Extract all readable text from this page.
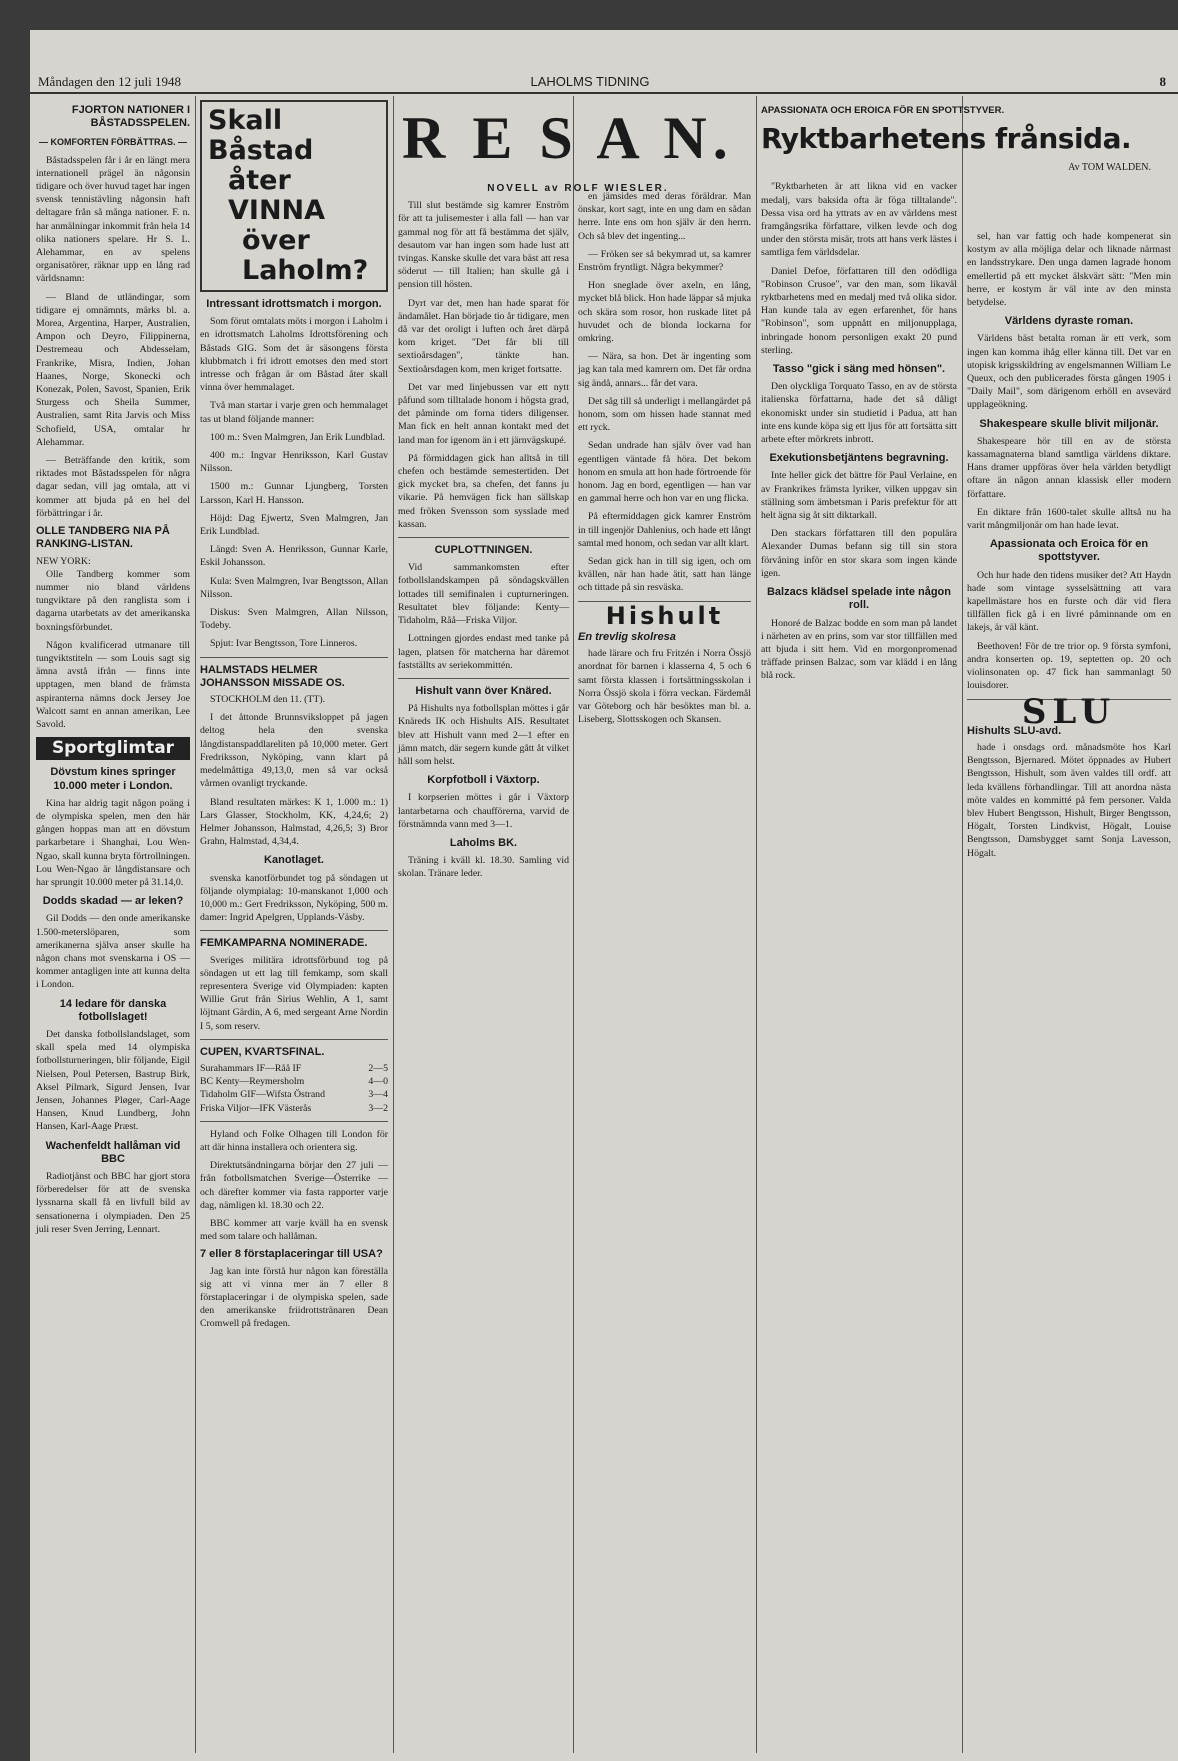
Måndagen den 12 juli 1948	LAHOLMS TIDNING	8
FJORTON NATIONER I BÅSTADSSPELEN.
— KOMFORTEN FÖRBÄTTRAS. —

Båstadsspelen får i år en längt mera internationell prägel än någonsin tidigare och över huvud taget har ingen svensk tennistävling någonsin haft deltagare från så många nationer. F. n. har anmälningar inkommit från hela 14 olika nationers spelare. Hr S. L. Alehammar, en av spelens organisatörer, räknar upp en lång rad världsnamn:

— Bland de utländingar, som tidigare ej omnämnts, märks bl. a. Morea, Argentina, Harper, Australien, Ampon och Deyro, Filippinerna, Destremeau och Abdesselam, Frankrike, Misra, Indien, Johan Haanes, Norge, Skonecki och Konezak, Polen, Savost, Spanien, Erik Sturgess och Sheila Summer, Australien, samt Rita Jarvis och Miss Schofield, USA, omtalar hr Alehammar.

— Beträffande den kritik, som riktades mot Båstadsspelen för några dagar sedan, vill jag omtala, att vi kommer att bjuda på en hel del förbättringar i år.

OLLE TANDBERG NIA PÅ RANKING-LISTAN.
NEW YORK:

Olle Tandberg kommer som nummer nio bland världens tungviktare på den ranglista som i dagarna utarbetats av det amerikanska boxningsförbundet.

Någon kvalificerad utmanare till tungviktstiteln — som Louis sagt sig ämna avstå ifrån — finns inte upptagen, men bland de främsta aspiranterna nämns dock Jersey Joe Walcott samt en annan amerikan, Lee Savold.

Sportglimtar
Dövstum kines springer 10.000 meter i London.

Kina har aldrig tagit någon poäng i de olympiska spelen, men den här gången hoppas man att en dövstum parkarbetare i Shanghai, Lou Wen-Ngao, skall kunna bryta förtrollningen. Lou Wen-Ngao är långdistansare och har sprungit 10.000 meter på 31.14,0.

Dodds skadad — ar leken?

Gil Dodds — den onde amerikanske 1.500-meterslöparen, som amerikanerna själva anser skulle ha någon chans mot svenskarna i OS — kommer antagligen inte att kunna delta i London.

14 ledare för danska fotbollslaget!

Det danska fotbollslandslaget, som skall spela med 14 olympiska fotbollsturneringen, blir följande, Eigil Nielsen, Poul Petersen, Bastrup Birk, Aksel Pilmark, Sigurd Jensen, Ivar Jensen, Johannes Pløger, Carl-Aage Hansen, Knud Lundberg, John Hansen, Karl-Aage Præst.

Wachenfeldt hallåman vid BBC

Radiotjänst och BBC har gjort stora förberedelser för att de svenska lyssnarna skall få en livfull bild av sensationerna i olympiaden. Den 25 juli reser Sven Jerring, Lennart.

Skall Båstad
åter VINNA
över Laholm?
Intressant idrottsmatch i morgon.

Som förut omtalats möts i morgon i Laholm i en idrottsmatch Laholms Idrottsförening och Båstads GIG. Som det är säsongens första klubbmatch i fri idrott emotses den med stort intresse och frågan är om Båstad åter skall vinna över hemmalaget.

Två man startar i varje gren och hemmalaget tas ut bland följande manner:

100 m.: Sven Malmgren, Jan Erik Lundblad.

400 m.: Ingvar Henriksson, Karl Gustav Nilsson.

1500 m.: Gunnar Ljungberg, Torsten Larsson, Karl H. Hansson.

Höjd: Dag Ejwertz, Sven Malmgren, Jan Erik Lundblad.

Längd: Sven A. Henriksson, Gunnar Karle, Eskil Johansson.

Kula: Sven Malmgren, Ivar Bengtsson, Allan Nilsson.

Diskus: Sven Malmgren, Allan Nilsson, Todeby.

Spjut: Ivar Bengtsson, Tore Linneros.

HALMSTADS HELMER JOHANSSON MISSADE OS.

STOCKHOLM den 11. (TT).

I det åttonde Brunnsviksloppet på jagen deltog hela den svenska långdistanspaddlareliten på 10,000 meter. Gert Fredriksson, Nyköping, vann klart på medelmåttiga 49,13,0, men så var också vårmen ovanligt tryckande.

Bland resultaten märkes: K 1, 1.000 m.: 1) Lars Glasser, Stockholm, KK, 4,24,6; 2) Helmer Johansson, Halmstad, 4,26,5; 3) Bror Grahn, Halmstad, 4,34,4.

Kanotlaget.

svenska kanotförbundet tog på söndagen ut följande olympialag: 10-manskanot 1,000 och 10,000 m.: Gert Fredriksson, Nyköping, 500 m. damer: Ingrid Apelgren, Upplands-Väsby.

FEMKAMPARNA NOMINERADE.

Sveriges militära idrottsförbund tog på söndagen ut ett lag till femkamp, som skall representera Sverige vid Olympiaden: kapten Willie Grut från Sirius Wehlin, A 1, samt löjtnant Gärdin, A 6, med sergeant Arne Nordin I 5, som reserv.

CUPEN, KVARTSFINAL.
Surahammars IF—Råå IF	2—5
BC Kenty—Reymersholm	4—0
Tidaholm GIF—Wifsta Östrand	3—4
Friska Viljor—IFK Västerås	3—2

Hyland och Folke Olhagen till London för att där hinna installera och orientera sig.

Direktutsändningarna börjar den 27 juli — från fotbollsmatchen Sverige—Österrike — och därefter kommer via fasta rapporter varje dag, nämligen kl. 18.30 och 22.

BBC kommer att varje kväll ha en svensk med som talare och hallåman.

7 eller 8 förstaplaceringar till USA?

Jag kan inte förstå hur någon kan föreställa sig att vi vinna mer än 7 eller 8 förstaplaceringar i de olympiska spelen, sade den amerikanske friidrottstränaren Dean Cromwell på fredagen.

R E S A N.
NOVELL av ROLF WIESLER.

Till slut bestämde sig kamrer Enström för att ta julisemester i alla fall — han var gammal nog för att få bestämma det själv, desautom var han ingen som hade lust att tvingas. Kanske skulle det vara bäst att resa söderut — till Italien; han skulle gå i pension till hösten.

Dyrt var det, men han hade sparat för ändamålet. Han började tio år tidigare, men då var det oroligt i luften och året därpå kom kriget. "Det får bli till sextioårsdagen", tänkte han. Sextioårsdagen kom, men kriget fortsatte.

Det var med linjebussen var ett nytt påfund som tilltalade honom i högsta grad, det påminde om forna tiders diligenser. Man fick en helt annan kontakt med det land man for igenom än i ett järnvägskupé.

På förmiddagen gick han alltså in till chefen och bestämde semestertiden. Det gick mycket bra, sa chefen, det fanns ju vikarie. På hemvägen fick han sällskap med fröken Svensson som sysslade med kassan.

CUPLOTTNINGEN.

Vid sammankomsten efter fotbollslandskampen på söndagskvällen lottades till semifinalen i cupturneringen. Resultatet blev följande: Kenty—Tidaholm, Råå—Friska Viljor.

Lottningen gjordes endast med tanke på lagen, platsen för matcherna har däremot fastställts av seriekommittén.

Hishult vann över Knäred.

På Hishults nya fotbollsplan möttes i går Knäreds IK och Hishults AIS. Resultatet blev att Hishult vann med 2—1 efter en jämn match, där segern kunde gått åt vilket håll som helst.

Korpfotboll i Växtorp.

I korpserien möttes i går i Växtorp lantarbetarna och chaufförerna, varvid de förstnämnda vann med 3—1.

Laholms BK.

Träning i kväll kl. 18.30. Samling vid skolan. Tränare leder.

en jämsides med deras föräldrar. Man önskar, kort sagt, inte en ung dam en sådan herre. Inte ens om hon själv är den herrn. Och så blev det ingenting...

— Fröken ser så bekymrad ut, sa kamrer Enström fryntligt. Några bekymmer?

Hon sneglade över axeln, en lång, mycket blå blick. Hon hade läppar så mjuka och skära som rosor, hon ruskade litet på huvudet och de blonda lockarna for omkring.

— Nära, sa hon. Det är ingenting som jag kan tala med kamrern om. Det får ordna sig ändå, annars... får det vara.

Det såg till så underligt i mellangärdet på honom, som om hissen hade stannat med ett ryck.

Sedan undrade han själv över vad han egentligen väntade få höra. Det bekom honom en smula att hon hade förtroende för honom. Jag en bord, egentligen — han var en gammal herre och hon var en ung flicka.

På eftermiddagen gick kamrer Enström in till ingenjör Dahlenius, och hade ett långt samtal med honom, och sedan var allt klart.

Sedan gick han in till sig igen, och om kvällen, när han hade ätit, satt han länge och tittade på sin resväska.

Hishult
En trevlig skolresa

hade lärare och fru Fritzén i Norra Össjö anordnat för barnen i klasserna 4, 5 och 6 samt första klassen i fortsättningsskolan i Norra Össjö skola i förra veckan. Färdemål var Göteborg och här besöktes man bl. a. Liseberg, Slottsskogen och Skansen.

APASSIONATA OCH EROICA FÖR EN SPOTTSTYVER.
Ryktbarhetens frånsida.
Av TOM WALDEN.

"Ryktbarheten är att likna vid en vacker medalj, vars baksida ofta är föga tilltalande". Dessa visa ord ha yttrats av en av världens mest framgångsrika författare, vilken levde och dog under den största misär, trots att hans verk lästes i samtliga fem världsdelar.

Daniel Defoe, författaren till den odödliga "Robinson Crusoe", var den man, som likaväl ryktbarhetens med en medalj med två olika sidor. Han kunde tala av egen erfarenhet, för hans "Robinson", som uppnått en miljonupplaga, inbringade honom personligen exakt 20 pund sterling.

Tasso "gick i säng med hönsen".

Den olyckliga Torquato Tasso, en av de största italienska författarna, hade det så dåligt ekonomiskt under sin studietid i Padua, att han inte ens kunde köpa sig ett ljus för att fortsätta sitt arbete efter mörkrets inbrott.

Exekutionsbetjäntens begravning.

Inte heller gick det bättre för Paul Verlaine, en av Frankrikes främsta lyriker, vilken uppgav sin ställning som ämbetsman i Paris prefektur för att helt ägna sig åt sitt diktarkall.

Den stackars författaren till den populära Alexander Dumas befann sig till sin stora förvåning inför en stor skara som ingen kände igen.

Balzacs klädsel spelade inte någon roll.

Honoré de Balzac bodde en som man på landet i närheten av en prins, som var stor tillfällen med att bjuda i sitt hem. Vid en morgonpromenad träffade prinsen Balzac, som var klädd i en lång blå rock.

sel, han var fattig och hade kompenerat sin kostym av alla möjliga delar och liknade närmast en landsstrykare. Den unga damen lagrade honom emellertid på ett mycket älskvärt sätt: "Men min herre, er kostym är väl inte av den minsta betydelse.

Världens dyraste roman.

Världens bäst betalta roman är ett verk, som ingen kan komma ihåg eller känna till. Det var en utopisk krigsskildring av engelsmannen William Le Queux, och den publicerades första gången 1905 i "Daily Mail", som därigenom erhöll en avsevärd upplageökning.

Shakespeare skulle blivit miljonär.

Shakespeare hör till en av de största kassamagnaterna bland samtliga världens diktare. Hans dramer uppföras över hela världen betydligt oftare än någon annan klassisk eller modern författare.

En diktare från 1600-talet skulle alltså nu ha varit mångmiljonär om han hade levat.

Apassionata och Eroica för en spottstyver.

Och hur hade den tidens musiker det? Att Haydn hade som vintage sysselsättning att vara kapellmästare hos en furste och där vid flera tillfällen fick gå i en livré påminnande om en lakejs, är väl känt.

Beethoven! För de tre trior op. 9 första symfoni, andra konserten op. 19, septetten op. 20 och violinsonaten op. 47 fick han sammanlagt 50 louisdorer.

SLU
Hishults SLU-avd.

hade i onsdags ord. månadsmöte hos Karl Bengtsson, Bjernared. Mötet öppnades av Hubert Bengtsson, Hishult, som även valdes till ordf. att leda kvällens förhandlingar. Till att anordna nästa möte valdes en kommitté på fem personer. Valda blev Hubert Bengtsson, Hishult, Birger Bengtsson, Högalt, Torsten Lindkvist, Högalt, Louise Bengtsson, Damsbygget samt Sonja Lavesson, Högalt.
